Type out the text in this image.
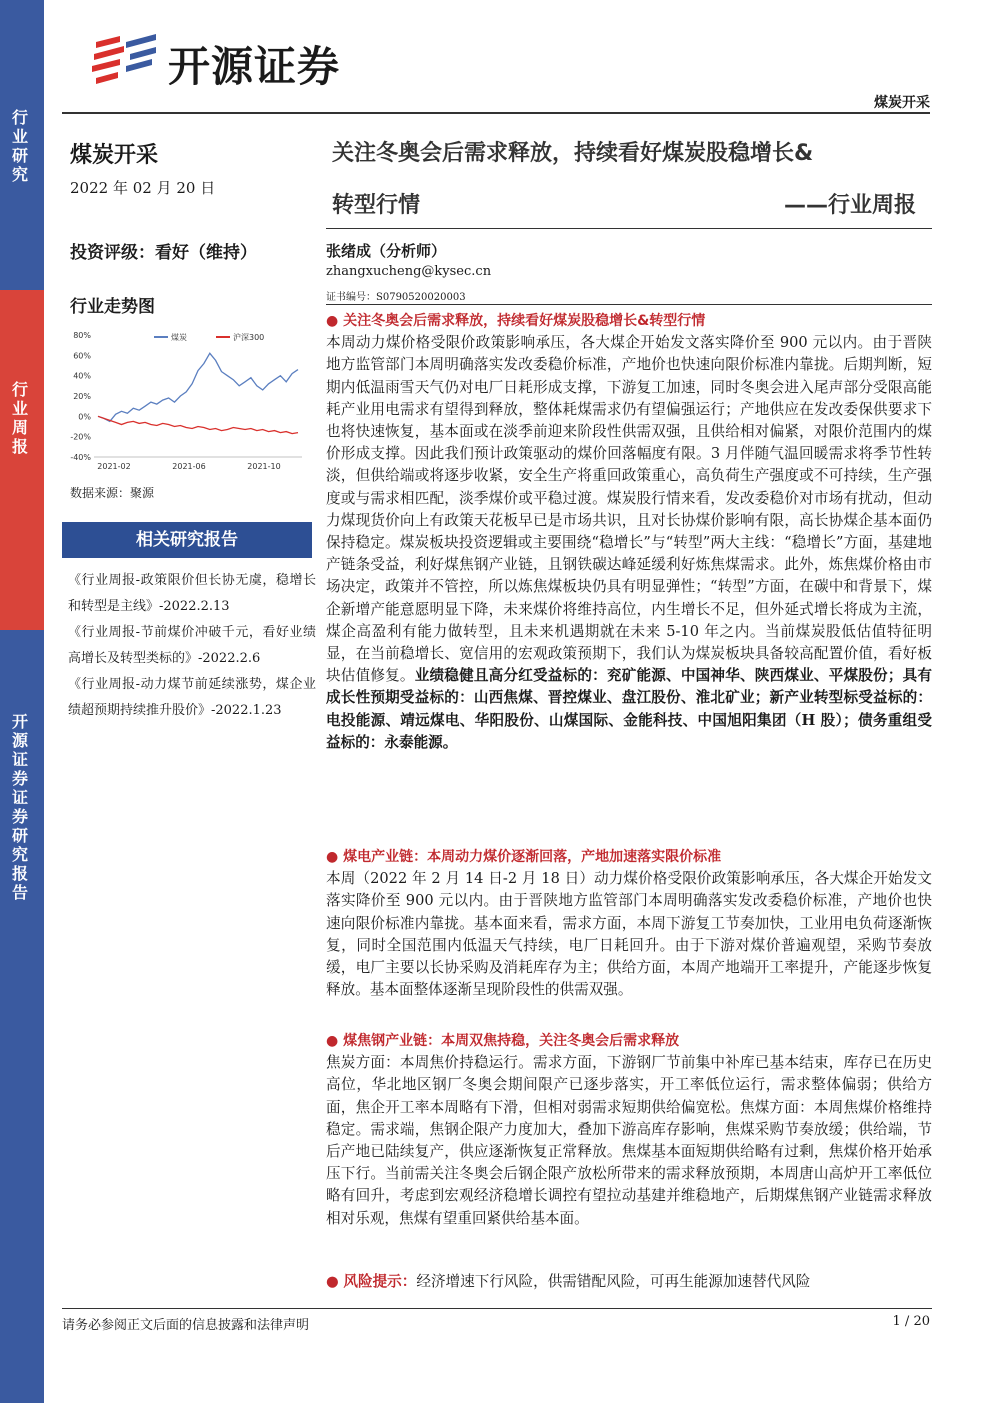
行业研究
行业周报
开源证券 证券研究报告
开源证券
煤炭开采
煤炭开采
2022 年 02 月 20 日
投资评级：看好（维持）
行业走势图
80%
60%
40%
20%
0%
-20%
-40%
2021-02	2021-06	2021-10
煤炭	沪深300
数据来源：聚源
相关研究报告
《行业周报-政策限价但长协无虞，稳增长和转型是主线》-2022.2.13
《行业周报-节前煤价冲破千元，看好业绩高增长及转型类标的》-2022.2.6
《行业周报-动力煤节前延续涨势，煤企业绩超预期持续推升股价》-2022.1.23
关注冬奥会后需求释放，持续看好煤炭股稳增长&
转型行情	——行业周报
张绪成（分析师）
zhangxucheng@kysec.cn
证书编号：S0790520020003
● 关注冬奥会后需求释放，持续看好煤炭股稳增长&转型行情
本周动力煤价格受限价政策影响承压，各大煤企开始发文落实降价至 900 元以内。由于晋陕地方监管部门本周明确落实发改委稳价标准，产地价也快速向限价标准内靠拢。后期判断，短期内低温雨雪天气仍对电厂日耗形成支撑，下游复工加速，同时冬奥会进入尾声部分受限高能耗产业用电需求有望得到释放，整体耗煤需求仍有望偏强运行；产地供应在发改委保供要求下也将快速恢复，基本面或在淡季前迎来阶段性供需双强，且供给相对偏紧，对限价范围内的煤价形成支撑。因此我们预计政策驱动的煤价回落幅度有限。3 月伴随气温回暖需求将季节性转淡，但供给端或将逐步收紧，安全生产将重回政策重心，高负荷生产强度或不可持续，生产强度或与需求相匹配，淡季煤价或平稳过渡。煤炭股行情来看，发改委稳价对市场有扰动，但动力煤现货价向上有政策天花板早已是市场共识，且对长协煤价影响有限，高长协煤企基本面仍保持稳定。煤炭板块投资逻辑或主要围绕“稳增长”与“转型”两大主线：“稳增长”方面，基建地产链条受益，利好煤焦钢产业链，且钢铁碳达峰延缓利好炼焦煤需求。此外，炼焦煤价格由市场决定，政策并不管控，所以炼焦煤板块仍具有明显弹性；“转型”方面，在碳中和背景下，煤企新增产能意愿明显下降，未来煤价将维持高位，内生增长不足，但外延式增长将成为主流，煤企高盈利有能力做转型，且未来机遇期就在未来 5-10 年之内。当前煤炭股低估值特征明显，在当前稳增长、宽信用的宏观政策预期下，我们认为煤炭板块具备较高配置价值，看好板块估值修复。业绩稳健且高分红受益标的：兖矿能源、中国神华、陕西煤业、平煤股份；具有成长性预期受益标的：山西焦煤、晋控煤业、盘江股份、淮北矿业；新产业转型标受益标的：电投能源、靖远煤电、华阳股份、山煤国际、金能科技、中国旭阳集团（H 股）；债务重组受益标的：永泰能源。
● 煤电产业链：本周动力煤价逐渐回落，产地加速落实限价标准
本周（2022 年 2 月 14 日-2 月 18 日）动力煤价格受限价政策影响承压，各大煤企开始发文落实降价至 900 元以内。由于晋陕地方监管部门本周明确落实发改委稳价标准，产地价也快速向限价标准内靠拢。基本面来看，需求方面，本周下游复工节奏加快，工业用电负荷逐渐恢复，同时全国范围内低温天气持续，电厂日耗回升。由于下游对煤价普遍观望，采购节奏放缓，电厂主要以长协采购及消耗库存为主；供给方面，本周产地端开工率提升，产能逐步恢复释放。基本面整体逐渐呈现阶段性的供需双强。
● 煤焦钢产业链：本周双焦持稳，关注冬奥会后需求释放
焦炭方面：本周焦价持稳运行。需求方面，下游钢厂节前集中补库已基本结束，库存已在历史高位，华北地区钢厂冬奥会期间限产已逐步落实，开工率低位运行，需求整体偏弱；供给方面，焦企开工率本周略有下滑，但相对弱需求短期供给偏宽松。焦煤方面：本周焦煤价格维持稳定。需求端，焦钢企限产力度加大，叠加下游高库存影响，焦煤采购节奏放缓；供给端，节后产地已陆续复产，供应逐渐恢复正常释放。焦煤基本面短期供给略有过剩，焦煤价格开始承压下行。当前需关注冬奥会后钢企限产放松所带来的需求释放预期，本周唐山高炉开工率低位略有回升，考虑到宏观经济稳增长调控有望拉动基建并维稳地产，后期煤焦钢产业链需求释放相对乐观，焦煤有望重回紧供给基本面。
● 风险提示：经济增速下行风险，供需错配风险，可再生能源加速替代风险
请务必参阅正文后面的信息披露和法律声明	1 / 20
